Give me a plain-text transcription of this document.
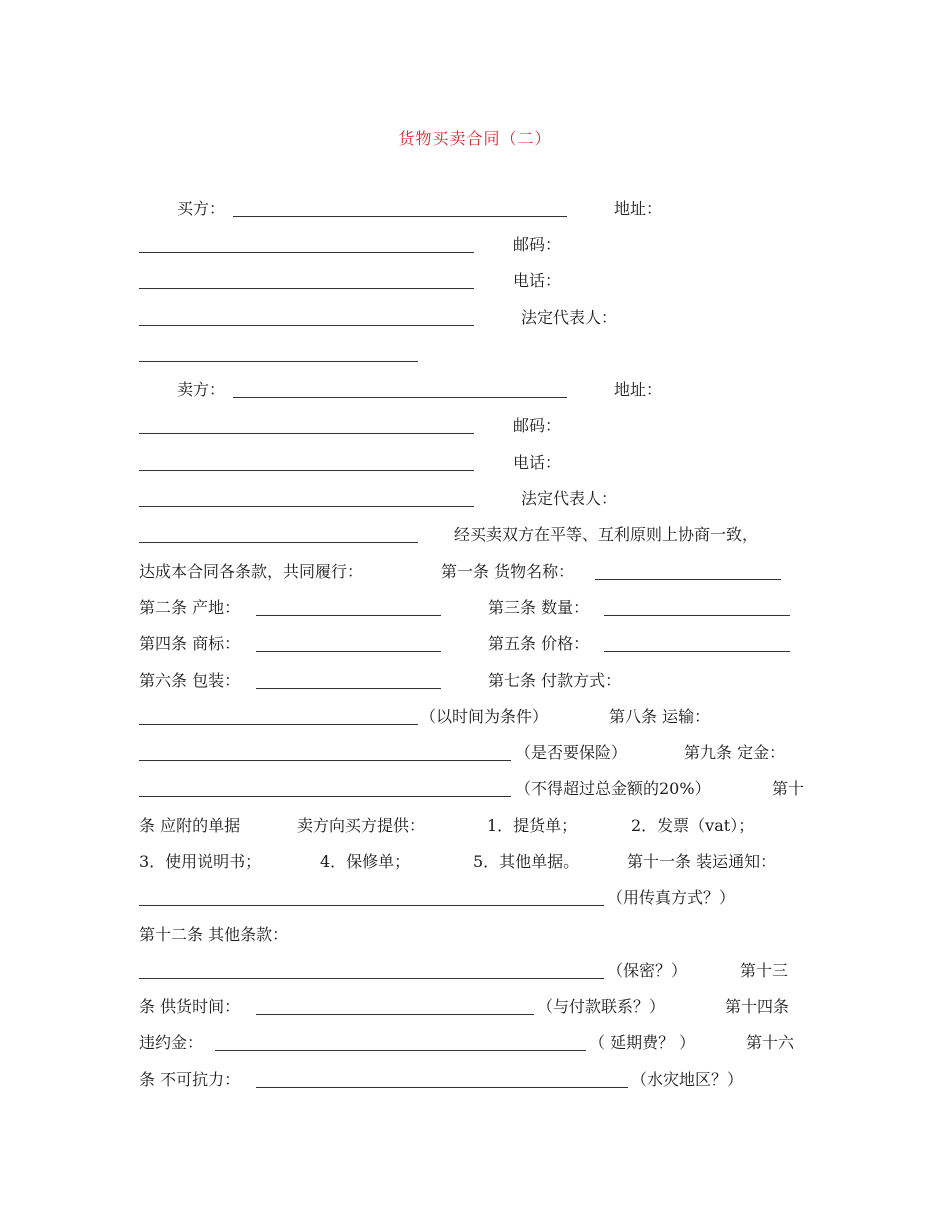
货物买卖合同（二）
买方：	地址：
邮码：
电话：
法定代表人：
卖方：	地址：
邮码：
电话：
法定代表人：
经买卖双方在平等、互利原则上协商一致，
达成本合同各条款，共同履行：	第一条 货物名称：
第二条 产地：	第三条 数量：
第四条 商标：	第五条 价格：
第六条 包装：	第七条 付款方式：
（以时间为条件）	第八条 运输：
（是否要保险）	第九条 定金：
（不得超过总金额的20%）	第十
条 应附的单据	卖方向买方提供：	1．提货单；	2．发票（vat）；
3．使用说明书；	4．保修单；	5．其他单据。	第十一条 装运通知：
（用传真方式？）
第十二条 其他条款：
（保密？）	第十三
条 供货时间：	（与付款联系？）	第十四条
违约金：	（ 延期费？ ）	第十六
条 不可抗力：	（水灾地区？）
